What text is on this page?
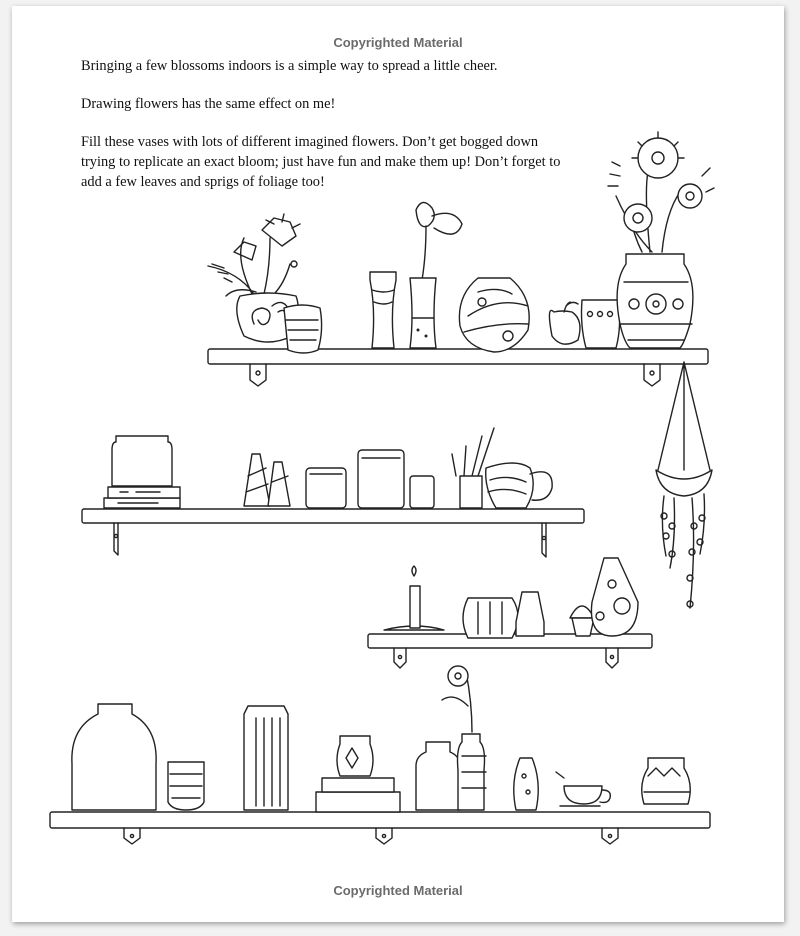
Copyrighted Material

Bringing a few blossoms indoors is a simple way to spread a little cheer.

Drawing flowers has the same effect on me!

Fill these vases with lots of different imagined flowers. Don’t get bogged down trying to replicate an exact bloom; just have fun and make them up! Don’t forget to add a few leaves and sprigs of foliage too!

Copyrighted Material
